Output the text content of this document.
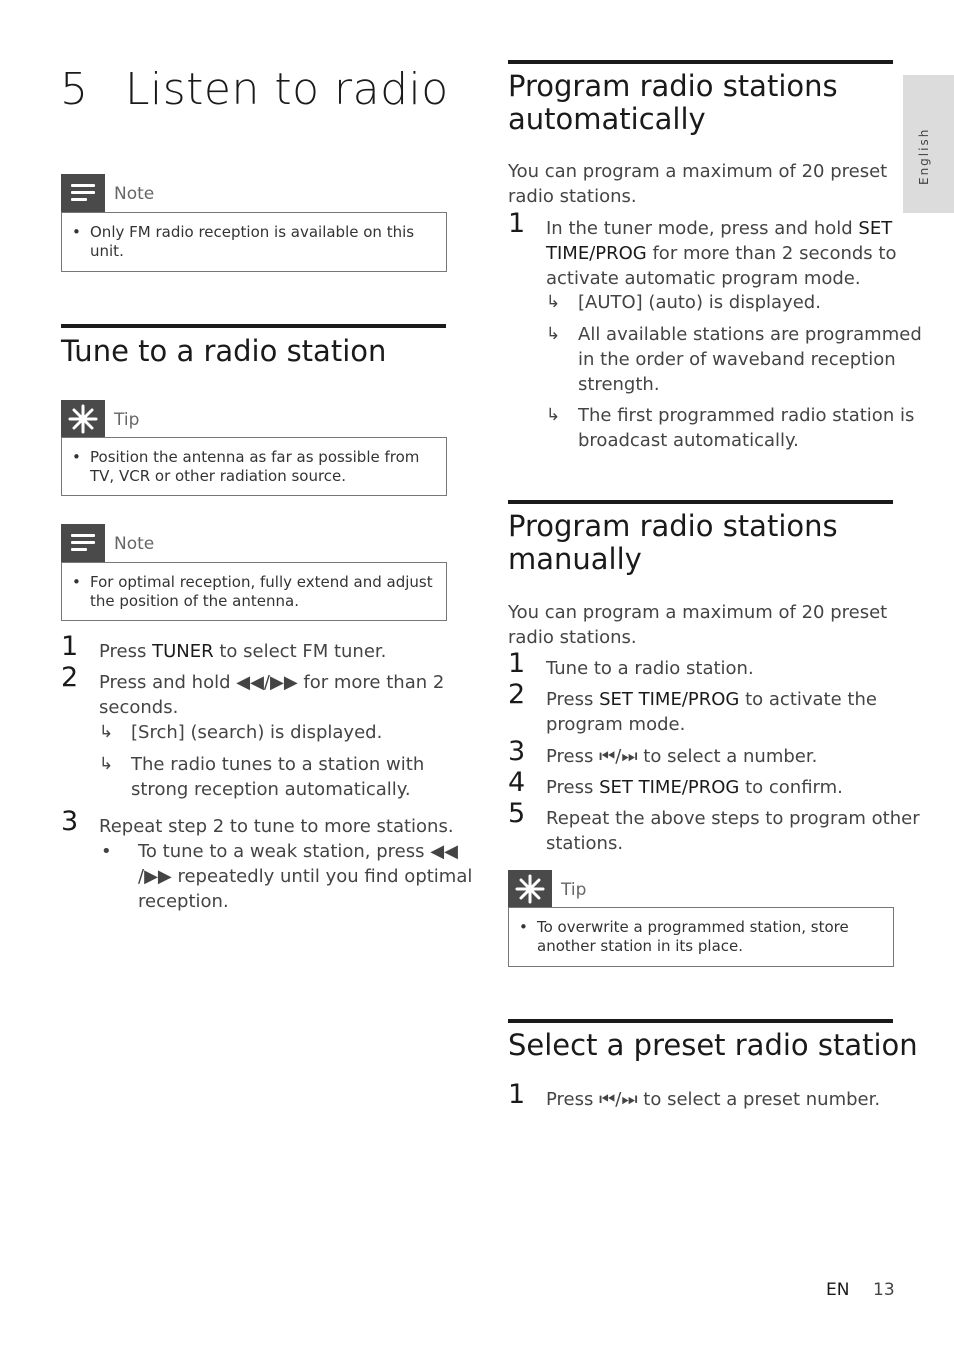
5 Listen to radio
English
Note
• Only FM radio reception is available on this unit.
Tune to a radio station
Tip
• Position the antenna as far as possible from TV, VCR or other radiation source.
Note
• For optimal reception, fully extend and adjust the position of the antenna.
1 Press TUNER to select FM tuner.
2 Press and hold ◀◀/▶▶ for more than 2
seconds.
↳ [Srch] (search) is displayed.
↳ The radio tunes to a station with
strong reception automatically.
3 Repeat step 2 to tune to more stations.
• To tune to a weak station, press ◀◀
/▶▶ repeatedly until you find optimal
reception.
Program radio stations
automatically
You can program a maximum of 20 preset
radio stations.
1 In the tuner mode, press and hold SET
TIME/PROG for more than 2 seconds to
activate automatic program mode.
↳ [AUTO] (auto) is displayed.
↳ All available stations are programmed
in the order of waveband reception
strength.
↳ The first programmed radio station is
broadcast automatically.
Program radio stations
manually
You can program a maximum of 20 preset
radio stations.
1 Tune to a radio station.
2 Press SET TIME/PROG to activate the
program mode.
3 Press ⏮/⏭ to select a number.
4 Press SET TIME/PROG to confirm.
5 Repeat the above steps to program other
stations.
Tip
• To overwrite a programmed station, store another station in its place.
Select a preset radio station
1 Press ⏮/⏭ to select a preset number.
EN 13
